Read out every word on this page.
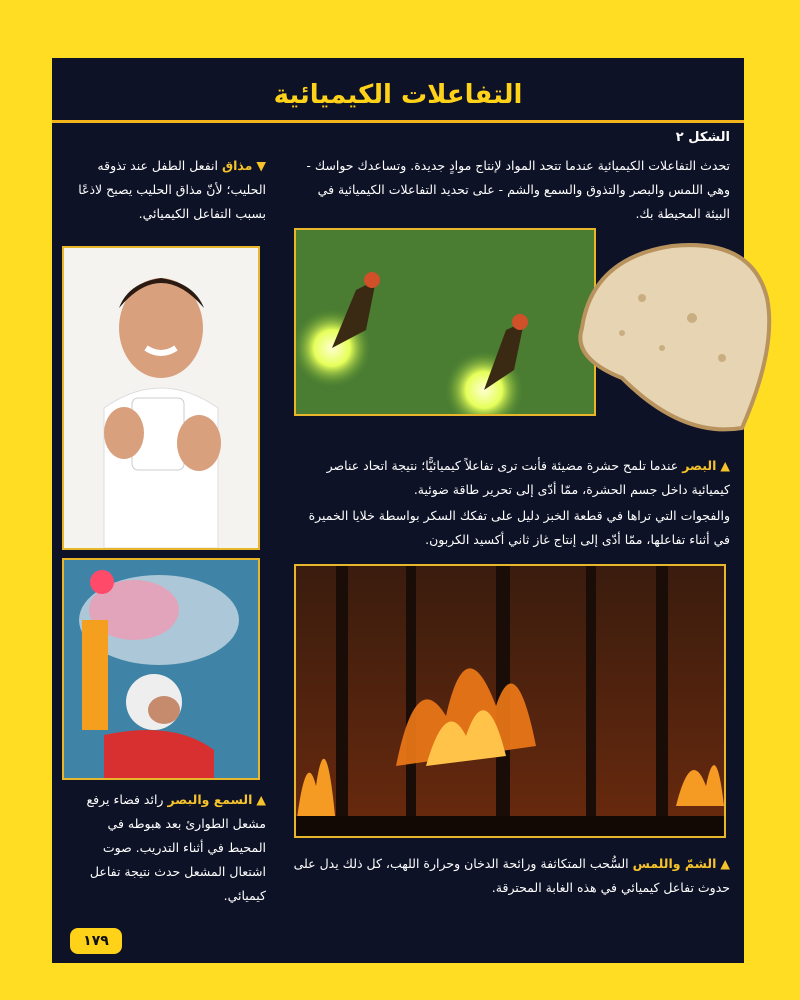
التفاعلات الكيميائية
الشكل ٢
تحدث التفاعلات الكيميائية عندما تتحد المواد لإنتاج موادٍ جديدة. وتساعدك حواسك - وهي اللمس والبصر والتذوق والسمع والشم - على تحديد التفاعلات الكيميائية في البيئة المحيطة بك.
▼ مذاق انفعل الطفل عند تذوقه الحليب؛ لأنّ مذاق الحليب يصبح لاذعًا بسبب التفاعل الكيميائي.
▲ السمع والبصر رائد فضاء يرفع مشعل الطوارئ بعد هبوطه في المحيط في أثناء التدريب. صوت اشتعال المشعل حدث نتيجة تفاعل كيميائي.
▲ البصر عندما تلمح حشرة مضيئة فأنت ترى تفاعلاً كيميائيًّا؛ نتيجة اتحاد عناصر كيميائية داخل جسم الحشرة، ممّا أدّى إلى تحرير طاقة ضوئية.
والفجوات التي تراها في قطعة الخبز دليل على تفكك السكر بواسطة خلايا الخميرة في أثناء تفاعلها، ممّا أدّى إلى إنتاج غاز ثاني أكسيد الكربون.
▲ الشمّ واللمس السُّحب المتكاثفة ورائحة الدخان وحرارة اللهب، كل ذلك يدل على حدوث تفاعل كيميائي في هذه الغابة المحترقة.
١٧٩
